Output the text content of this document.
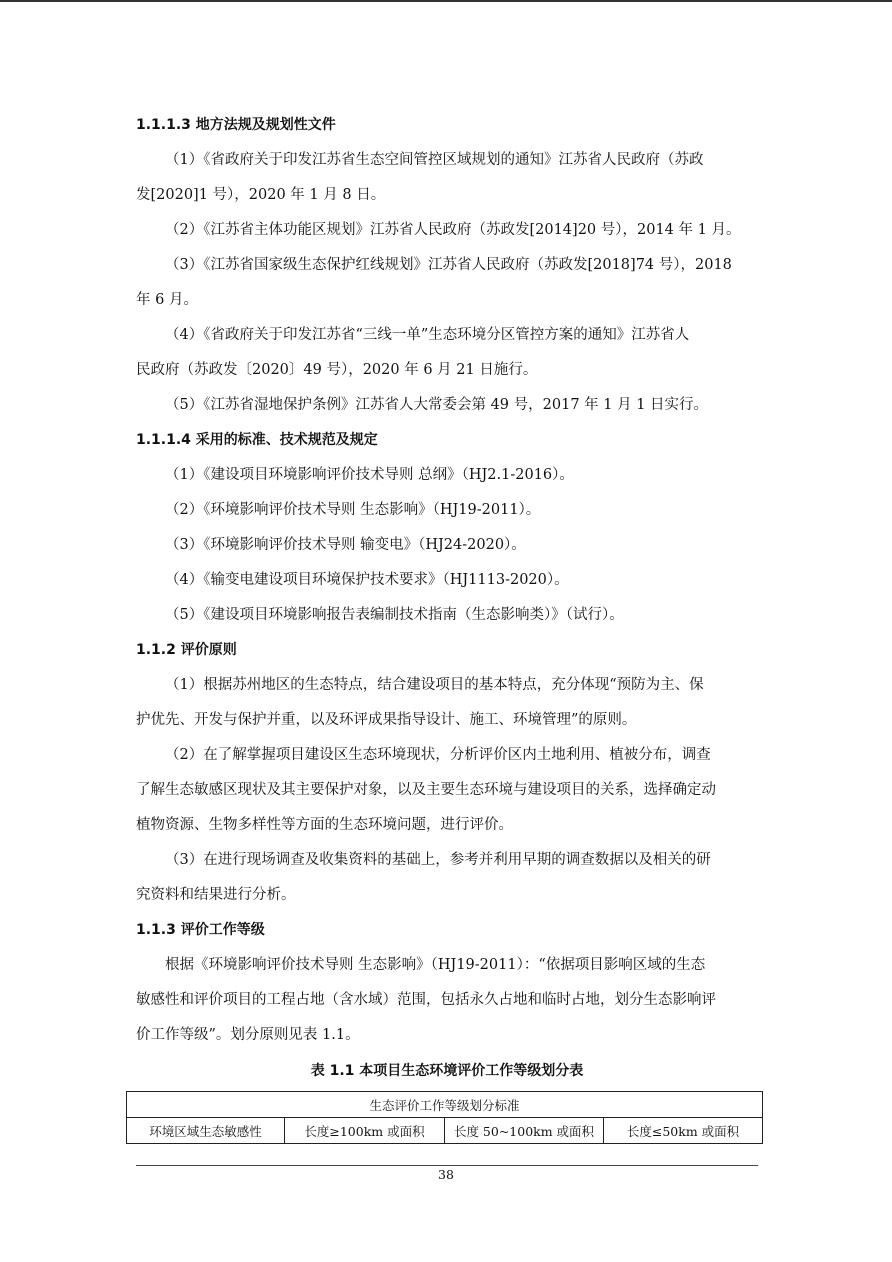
1.1.1.3 地方法规及规划性文件
（1）《省政府关于印发江苏省生态空间管控区域规划的通知》江苏省人民政府（苏政
发[2020]1 号），2020 年 1 月 8 日。
（2）《江苏省主体功能区规划》江苏省人民政府（苏政发[2014]20 号），2014 年 1 月。
（3）《江苏省国家级生态保护红线规划》江苏省人民政府（苏政发[2018]74 号），2018
年 6 月。
（4）《省政府关于印发江苏省“三线一单”生态环境分区管控方案的通知》江苏省人
民政府（苏政发〔2020〕49 号），2020 年 6 月 21 日施行。
（5）《江苏省湿地保护条例》江苏省人大常委会第 49 号，2017 年 1 月 1 日实行。
1.1.1.4 采用的标准、技术规范及规定
（1）《建设项目环境影响评价技术导则 总纲》（HJ2.1-2016）。
（2）《环境影响评价技术导则 生态影响》（HJ19-2011）。
（3）《环境影响评价技术导则 输变电》（HJ24-2020）。
（4）《输变电建设项目环境保护技术要求》（HJ1113-2020）。
（5）《建设项目环境影响报告表编制技术指南（生态影响类）》（试行）。
1.1.2 评价原则
（1）根据苏州地区的生态特点，结合建设项目的基本特点，充分体现“预防为主、保
护优先、开发与保护并重，以及环评成果指导设计、施工、环境管理”的原则。
（2）在了解掌握项目建设区生态环境现状，分析评价区内土地利用、植被分布，调查
了解生态敏感区现状及其主要保护对象，以及主要生态环境与建设项目的关系，选择确定动
植物资源、生物多样性等方面的生态环境问题，进行评价。
（3）在进行现场调查及收集资料的基础上，参考并利用早期的调查数据以及相关的研
究资料和结果进行分析。
1.1.3 评价工作等级
根据《环境影响评价技术导则 生态影响》（HJ19-2011）：“依据项目影响区域的生态
敏感性和评价项目的工程占地（含水域）范围，包括永久占地和临时占地，划分生态影响评
价工作等级”。划分原则见表 1.1。
表 1.1 本项目生态环境评价工作等级划分表
生态评价工作等级划分标准
环境区域生态敏感性	长度≥100km 或面积	长度 50~100km 或面积	长度≤50km 或面积
38
